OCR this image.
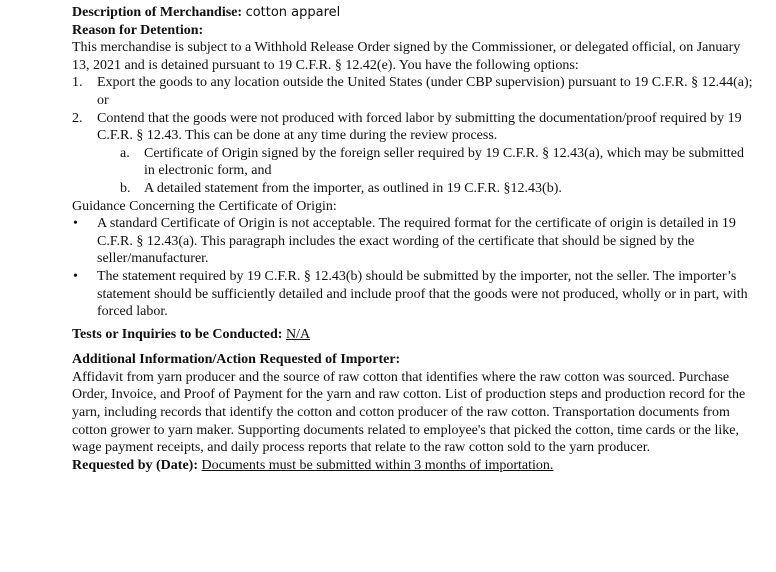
Description of Merchandise: cotton apparel

Reason for Detention:

This merchandise is subject to a Withhold Release Order signed by the Commissioner, or delegated official, on January 13, 2021 and is detained pursuant to 19 C.F.R. § 12.42(e). You have the following options:

1. Export the goods to any location outside the United States (under CBP supervision) pursuant to 19 C.F.R. § 12.44(a); or
2. Contend that the goods were not produced with forced labor by submitting the documentation/proof required by 19 C.F.R. § 12.43. This can be done at any time during the review process.
a. Certificate of Origin signed by the foreign seller required by 19 C.F.R. § 12.43(a), which may be submitted in electronic form, and
b. A detailed statement from the importer, as outlined in 19 C.F.R. §12.43(b).

Guidance Concerning the Certificate of Origin:

• A standard Certificate of Origin is not acceptable. The required format for the certificate of origin is detailed in 19 C.F.R. § 12.43(a). This paragraph includes the exact wording of the certificate that should be signed by the seller/manufacturer.
• The statement required by 19 C.F.R. § 12.43(b) should be submitted by the importer, not the seller. The importer’s statement should be sufficiently detailed and include proof that the goods were not produced, wholly or in part, with forced labor.

Tests or Inquiries to be Conducted: N/A

Additional Information/Action Requested of Importer:

Affidavit from yarn producer and the source of raw cotton that identifies where the raw cotton was sourced. Purchase Order, Invoice, and Proof of Payment for the yarn and raw cotton. List of production steps and production record for the yarn, including records that identify the cotton and cotton producer of the raw cotton. Transportation documents from cotton grower to yarn maker. Supporting documents related to employee's that picked the cotton, time cards or the like, wage payment receipts, and daily process reports that relate to the raw cotton sold to the yarn producer.

Requested by (Date): Documents must be submitted within 3 months of importation.
